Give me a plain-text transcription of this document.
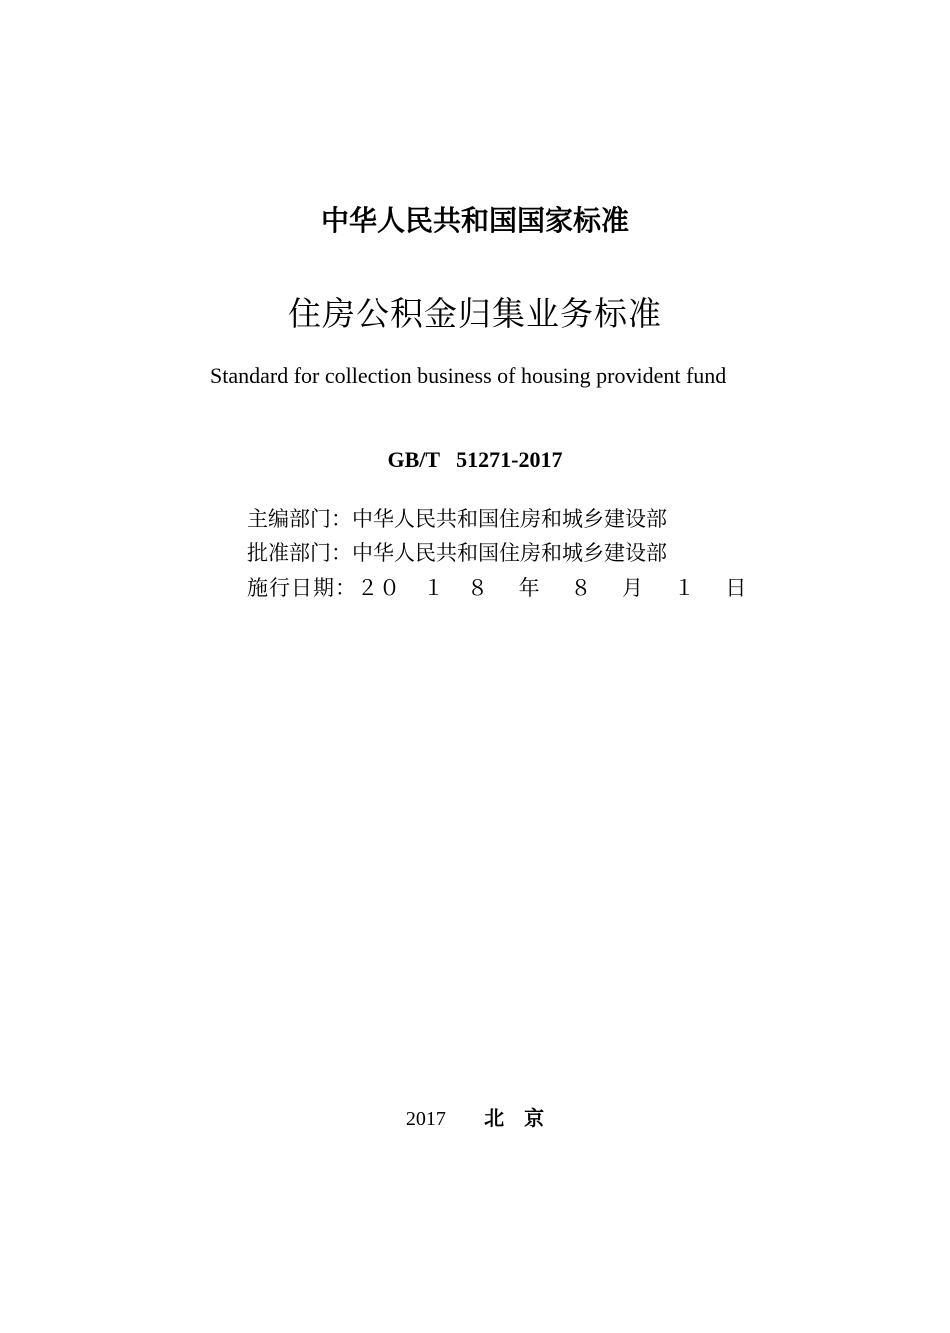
中华人民共和国国家标准
住房公积金归集业务标准
Standard for collection business of housing provident fund
GB/T   51271-2017
主编部门：中华人民共和国住房和城乡建设部
批准部门：中华人民共和国住房和城乡建设部
施行日期：２０　１　８　 年　 ８　 月　 １　 日
2017 北　京
